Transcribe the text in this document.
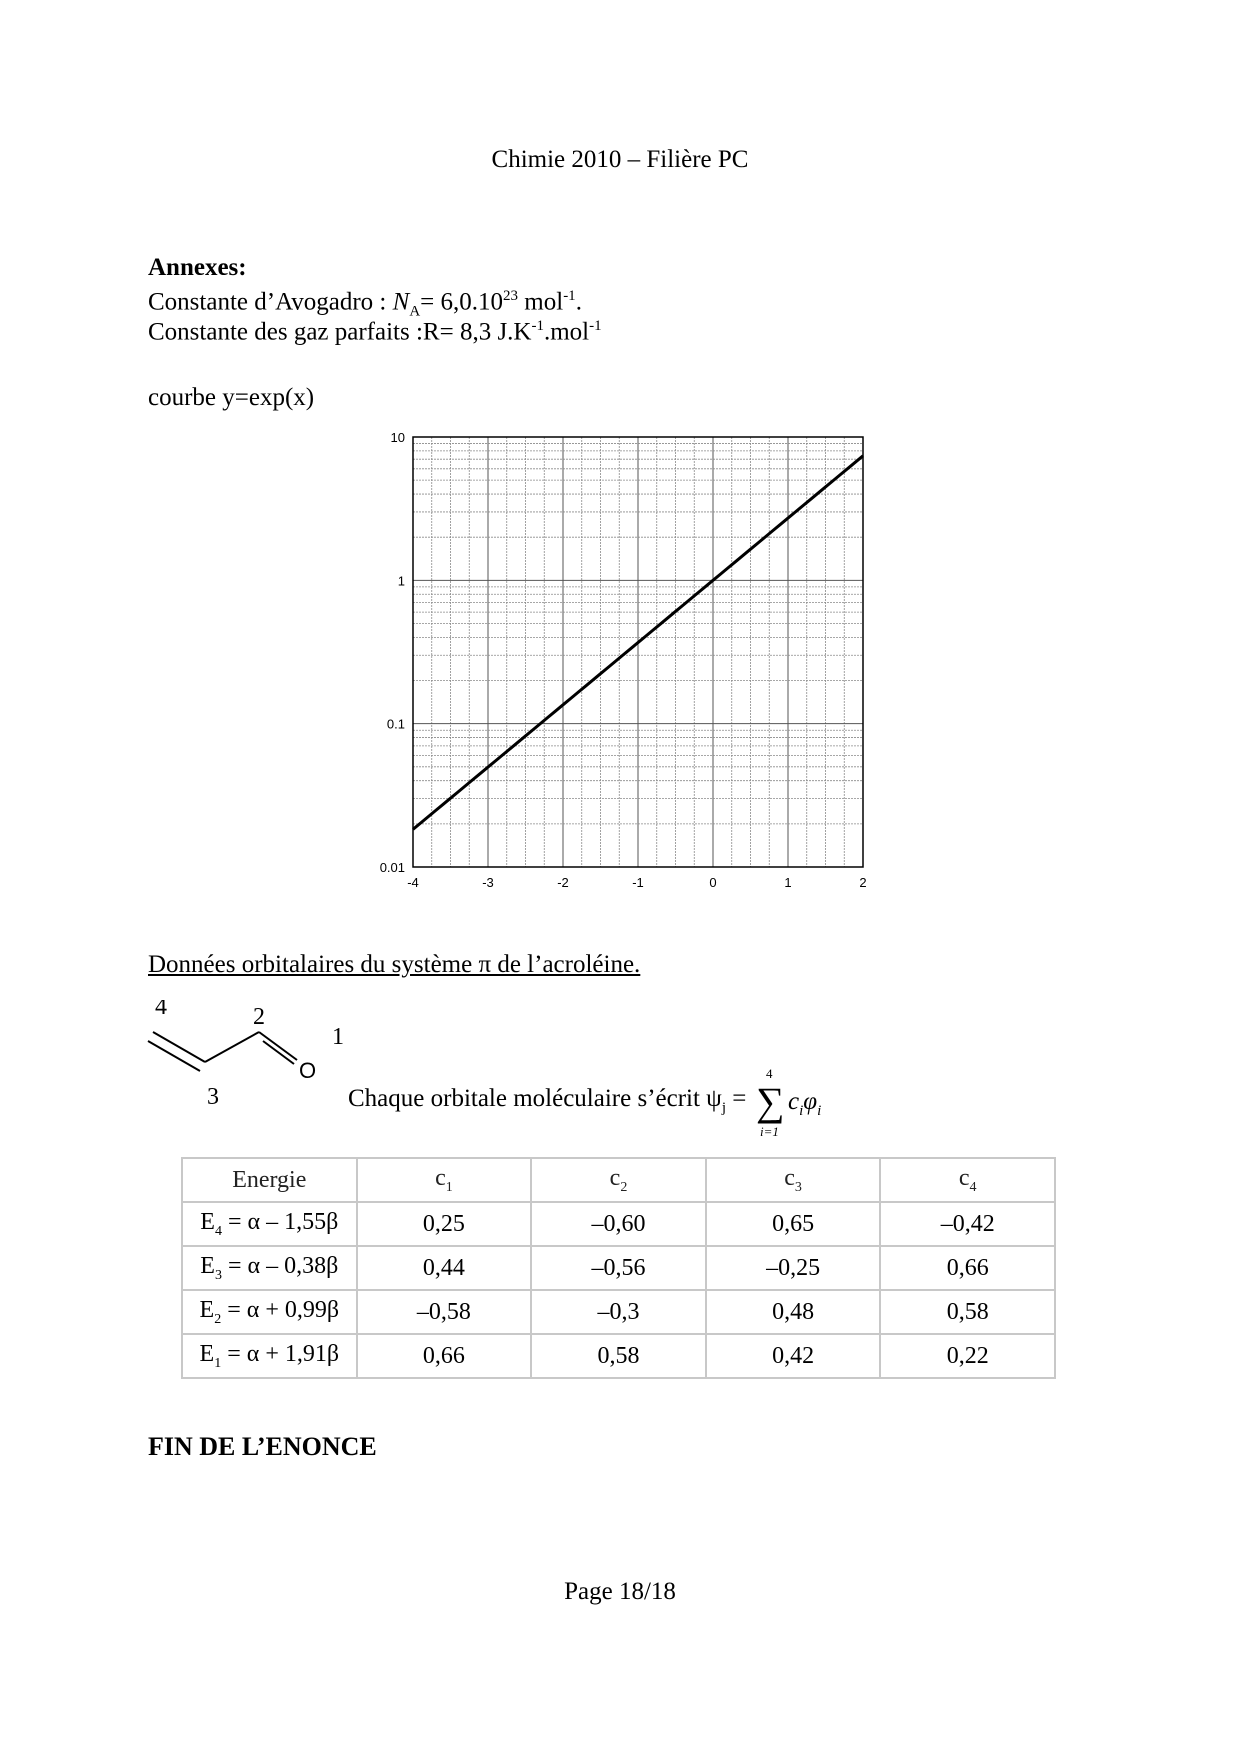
Chimie 2010 – Filière PC
Annexes:
Constante d’Avogadro : $N_A= 6,0.10^{23}$ mol$^{-1}$.
Constante des gaz parfaits :R= 8,3 $J.K^{-1}.mol^{-1}$
courbe y=exp(x)
-4	-3	-2	-1	0	1	2
0.01
0.1
1
10
Données orbitalaires du système π de l’acroléine.
4	2
1
3
O
Chaque orbitale moléculaire s’écrit $\psi_j$ = ∑
4
i=1
$c_i\varphi_i$
Energie	$c_1$	$c_2$	$c_3$	$c_4$
$E_4 = \alpha - 1,55\beta$	0,25	–0,60	0,65	–0,42
$E_3 = \alpha - 0,38\beta$	0,44	–0,56	–0,25	0,66
$E_2 = \alpha + 0,99\beta$	–0,58	–0,3	0,48	0,58
$E_1 = \alpha + 1,91\beta$	0,66	0,58	0,42	0,22
FIN DE L’ENONCE
Page 18/18
